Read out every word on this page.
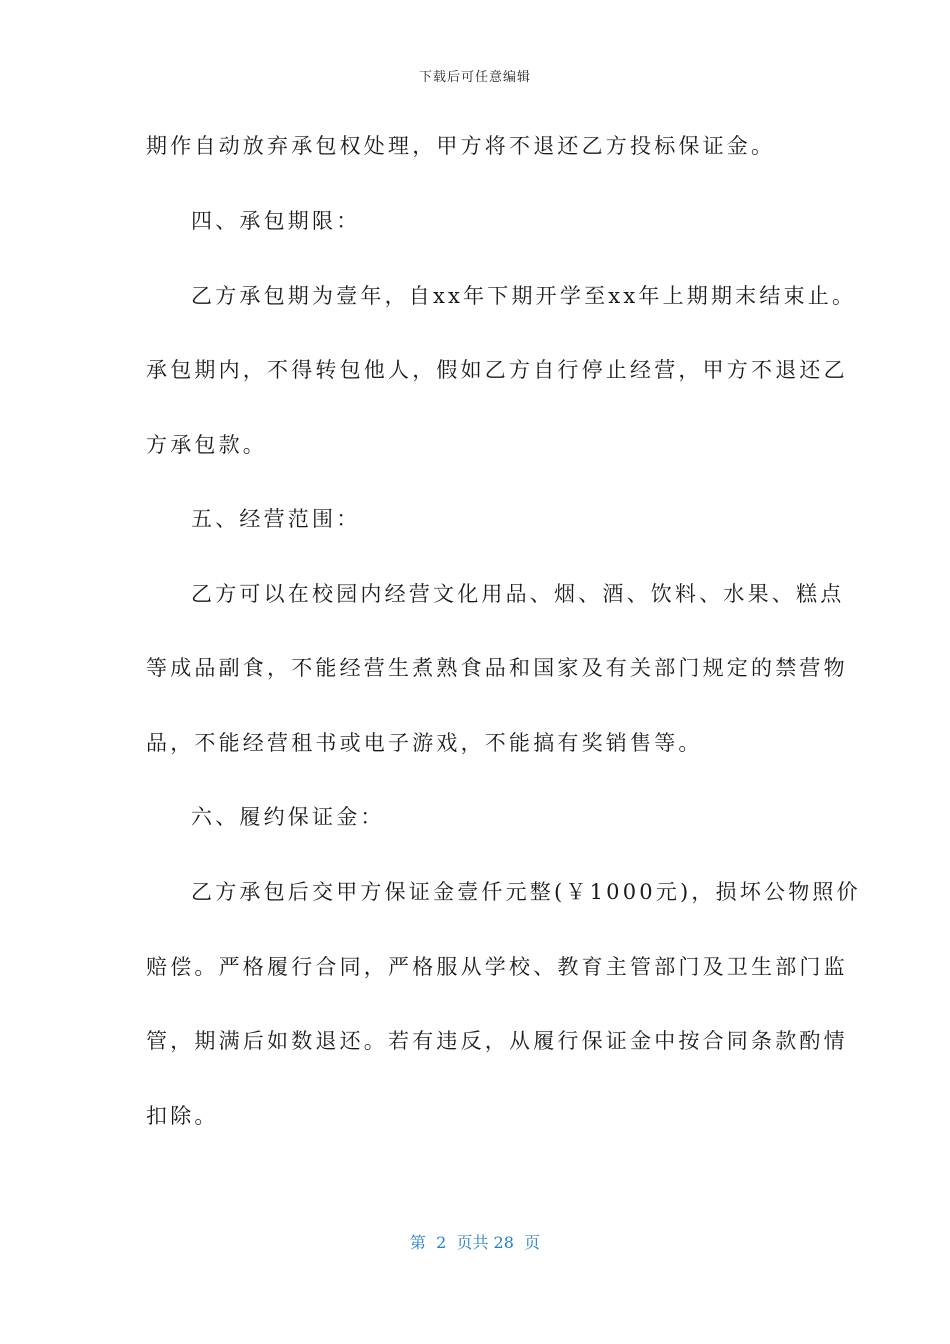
下载后可任意编辑
期作自动放弃承包权处理，甲方将不退还乙方投标保证金。
四、承包期限：
乙方承包期为壹年，自xx年下期开学至xx年上期期末结束止。
承包期内，不得转包他人，假如乙方自行停止经营，甲方不退还乙
方承包款。
五、经营范围：
乙方可以在校园内经营文化用品、烟、酒、饮料、水果、糕点
等成品副食，不能经营生煮熟食品和国家及有关部门规定的禁营物
品，不能经营租书或电子游戏，不能搞有奖销售等。
六、履约保证金：
乙方承包后交甲方保证金壹仟元整(￥1000元)，损坏公物照价
赔偿。严格履行合同，严格服从学校、教育主管部门及卫生部门监
管，期满后如数退还。若有违反，从履行保证金中按合同条款酌情
扣除。
第  2  页共 28  页
